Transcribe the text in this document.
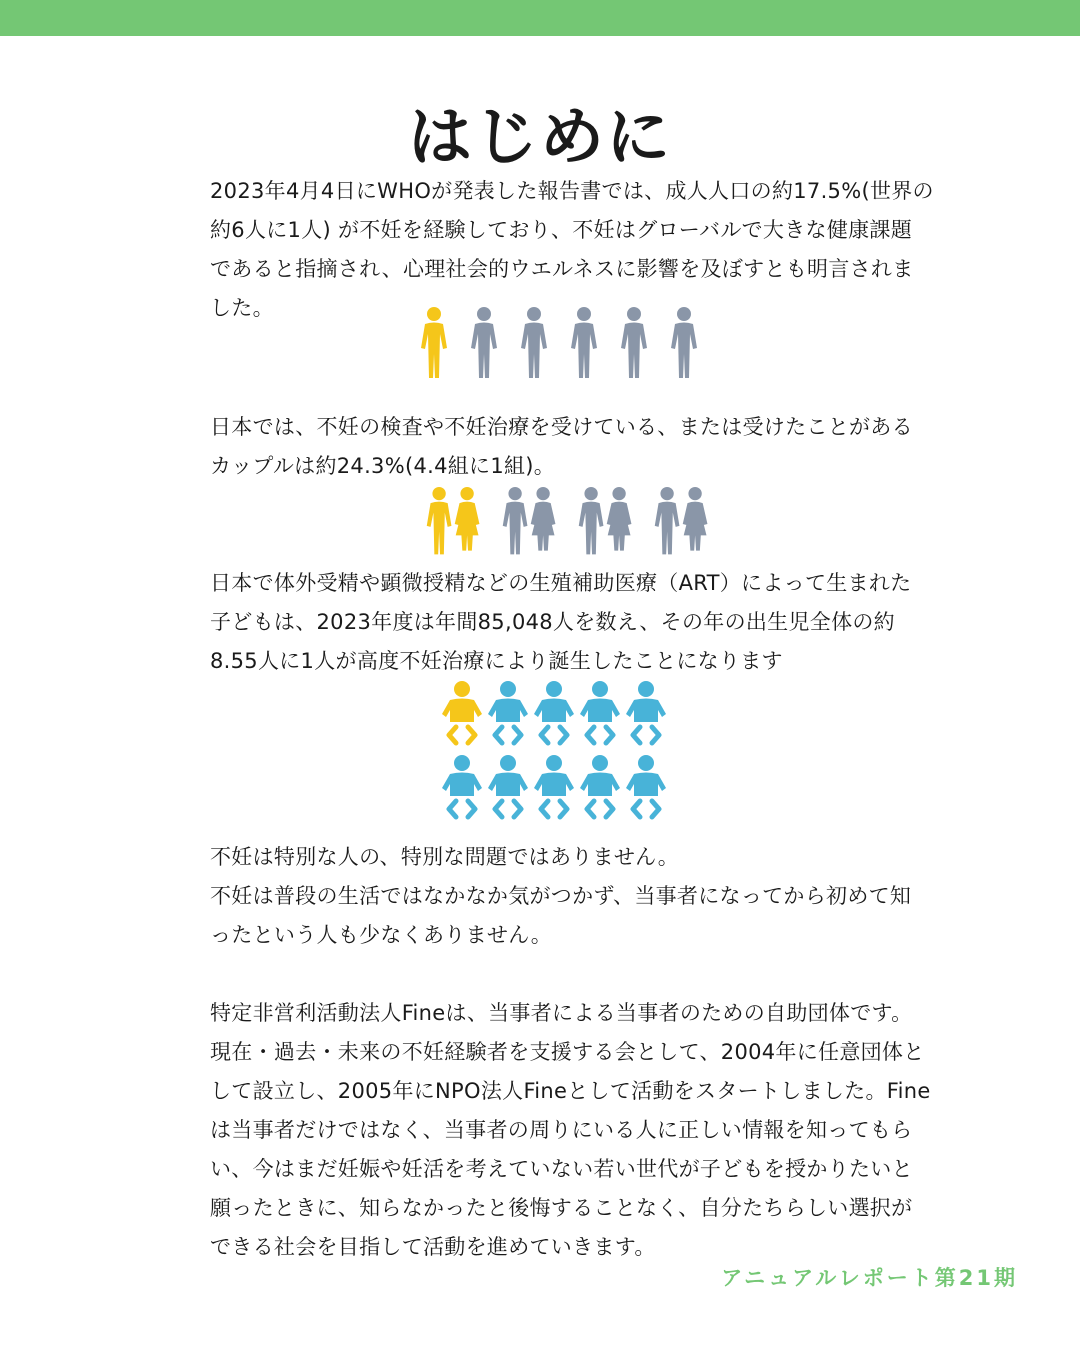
はじめに

2023年4月4日にWHOが発表した報告書では、成人人口の約17.5%(世界の
約6人に1人) が不妊を経験しており、不妊はグローバルで大きな健康課題
であると指摘され、心理社会的ウエルネスに影響を及ぼすとも明言されま
した。

日本では、不妊の検査や不妊治療を受けている、または受けたことがある
カップルは約24.3%(4.4組に1組)。

日本で体外受精や顕微授精などの生殖補助医療（ART）によって生まれた
子どもは、2023年度は年間85,048人を数え、その年の出生児全体の約
8.55人に1人が高度不妊治療により誕生したことになります

不妊は特別な人の、特別な問題ではありません。
不妊は普段の生活ではなかなか気がつかず、当事者になってから初めて知
ったという人も少なくありません。

特定非営利活動法人Fineは、当事者による当事者のための自助団体です。
現在・過去・未来の不妊経験者を支援する会として、2004年に任意団体と
して設立し、2005年にNPO法人Fineとして活動をスタートしました。Fine
は当事者だけではなく、当事者の周りにいる人に正しい情報を知ってもら
い、今はまだ妊娠や妊活を考えていない若い世代が子どもを授かりたいと
願ったときに、知らなかったと後悔することなく、自分たちらしい選択が
できる社会を目指して活動を進めていきます。

アニュアルレポート第21期
